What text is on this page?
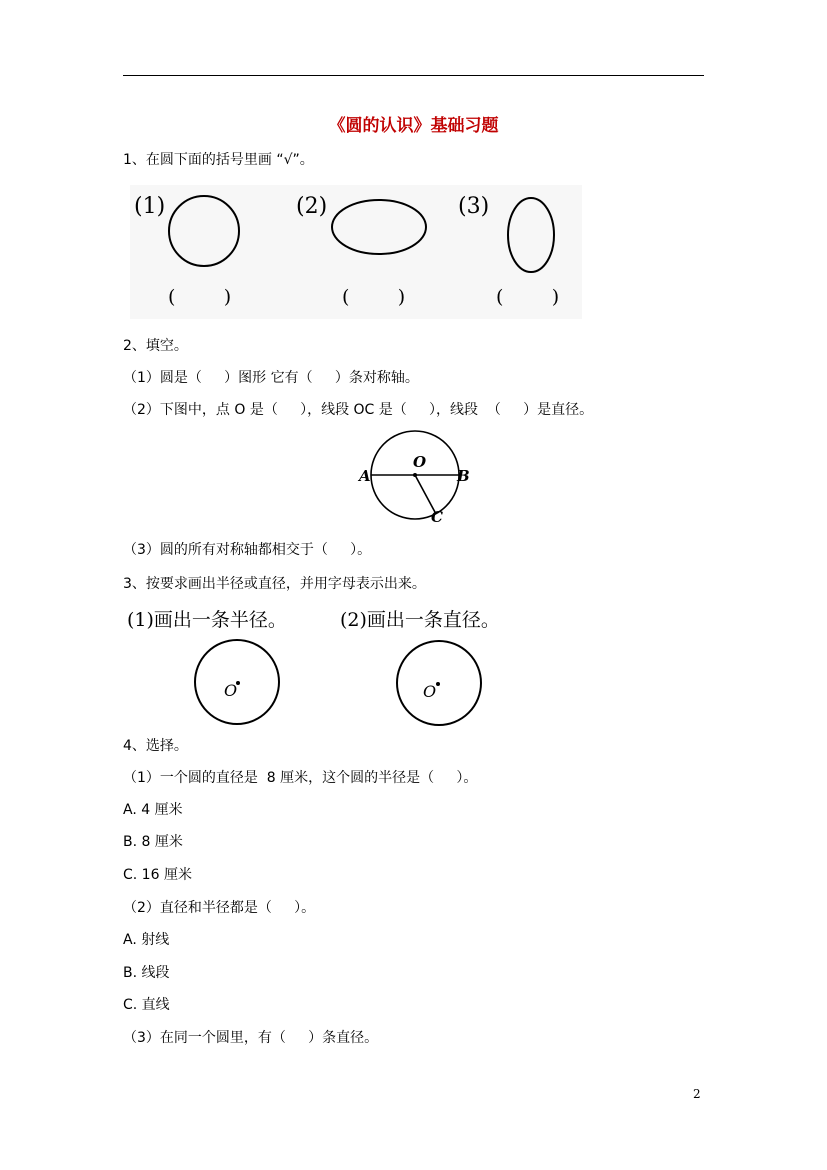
《圆的认识》基础习题
1、在圆下面的括号里画 “√”。
(1)
(        )
(2)
(        )
(3)
(        )
2、填空。
（1）圆是（     ）图形 它有（     ）条对称轴。
（2）下图中，点 O 是（     ），线段 OC 是（     ），线段  （     ）是直径。
A
O
B
C
（3）圆的所有对称轴都相交于（     ）。
3、按要求画出半径或直径，并用字母表示出来。
(1)画出一条半径。	(2)画出一条直径。
O	O
4、选择。
（1）一个圆的直径是  8 厘米，这个圆的半径是（     ）。
A. 4 厘米
B. 8 厘米
C. 16 厘米
（2）直径和半径都是（     ）。
A. 射线
B. 线段
C. 直线
（3）在同一个圆里，有（     ）条直径。
2
